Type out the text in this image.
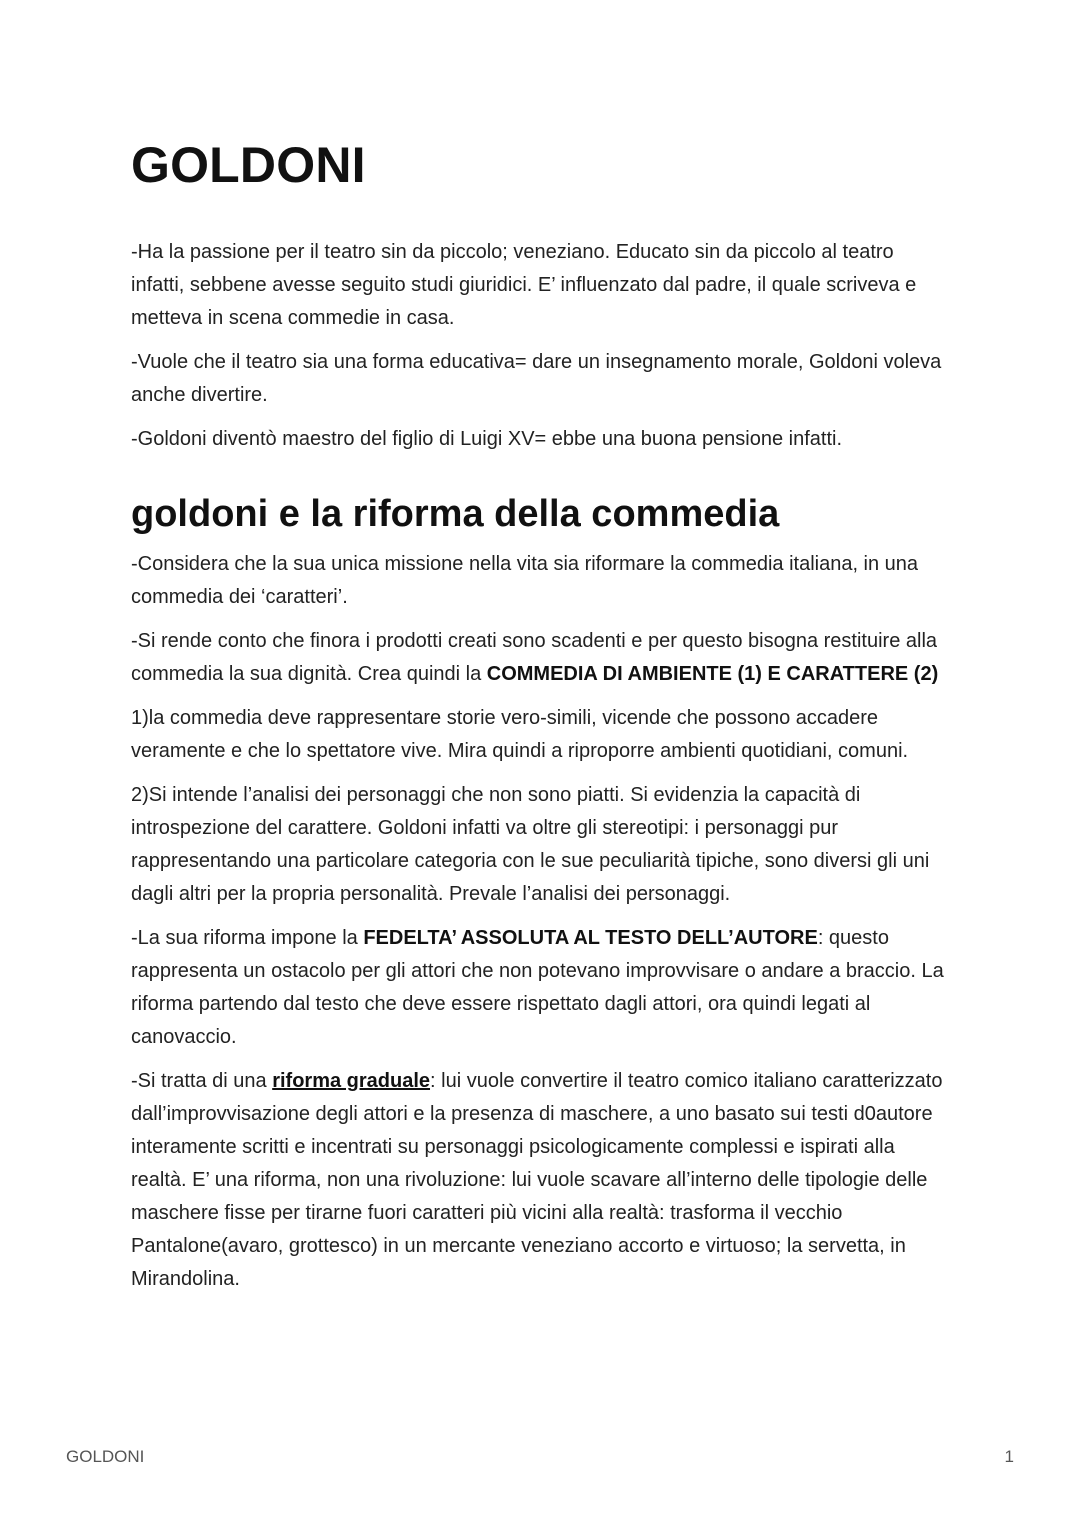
GOLDONI

-Ha la passione per il teatro sin da piccolo; veneziano. Educato sin da piccolo al teatro infatti, sebbene avesse seguito studi giuridici. E’ influenzato dal padre, il quale scriveva e metteva in scena commedie in casa.

-Vuole che il teatro sia una forma educativa= dare un insegnamento morale, Goldoni voleva anche divertire.

-Goldoni diventò maestro del figlio di Luigi XV= ebbe una buona pensione infatti.

goldoni e la riforma della commedia

-Considera che la sua unica missione nella vita sia riformare la commedia italiana, in una commedia dei ‘caratteri’.

-Si rende conto che finora i prodotti creati sono scadenti e per questo bisogna restituire alla commedia la sua dignità. Crea quindi la COMMEDIA DI AMBIENTE (1) E CARATTERE (2)

1)la commedia deve rappresentare storie vero-simili, vicende che possono accadere veramente e che lo spettatore vive. Mira quindi a riproporre ambienti quotidiani, comuni.

2)Si intende l’analisi dei personaggi che non sono piatti. Si evidenzia la capacità di introspezione del carattere. Goldoni infatti va oltre gli stereotipi: i personaggi pur rappresentando una particolare categoria con le sue peculiarità tipiche, sono diversi gli uni dagli altri per la propria personalità. Prevale l’analisi dei personaggi.

-La sua riforma impone la FEDELTA’ ASSOLUTA AL TESTO DELL’AUTORE: questo rappresenta un ostacolo per gli attori che non potevano improvvisare o andare a braccio. La riforma partendo dal testo che deve essere rispettato dagli attori, ora quindi legati al canovaccio.

-Si tratta di una riforma graduale: lui vuole convertire il teatro comico italiano caratterizzato dall’improvvisazione degli attori e la presenza di maschere, a uno basato sui testi d0autore interamente scritti e incentrati su personaggi psicologicamente complessi e ispirati alla realtà. E’ una riforma, non una rivoluzione: lui vuole scavare all’interno delle tipologie delle maschere fisse per tirarne fuori caratteri più vicini alla realtà: trasforma il vecchio Pantalone(avaro, grottesco) in un mercante veneziano accorto e virtuoso; la servetta, in Mirandolina.

GOLDONI	1
